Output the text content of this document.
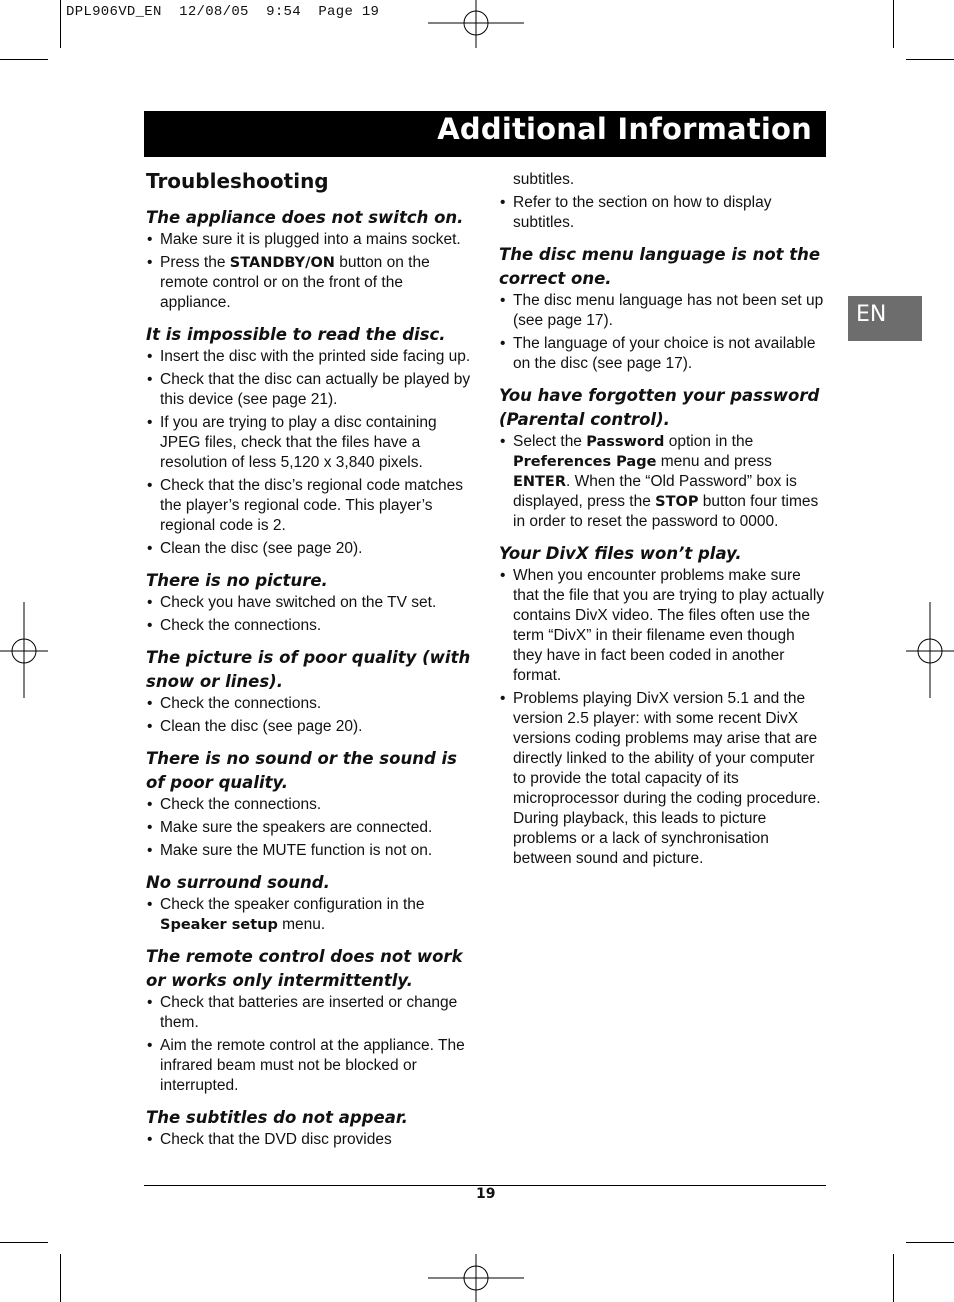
DPL906VD_EN  12/08/05  9:54  Page 19
Additional Information
EN
Troubleshooting
The appliance does not switch on.
• Make sure it is plugged into a mains socket.
• Press the STANDBY/ON button on the remote control or on the front of the appliance.
It is impossible to read the disc.
• Insert the disc with the printed side facing up.
• Check that the disc can actually be played by this device (see page 21).
• If you are trying to play a disc containing JPEG files, check that the files have a resolution of less 5,120 x 3,840 pixels.
• Check that the disc’s regional code matches the player’s regional code. This player’s regional code is 2.
• Clean the disc (see page 20).
There is no picture.
• Check you have switched on the TV set.
• Check the connections.
The picture is of poor quality (with snow or lines).
• Check the connections.
• Clean the disc (see page 20).
There is no sound or the sound is of poor quality.
• Check the connections.
• Make sure the speakers are connected.
• Make sure the MUTE function is not on.
No surround sound.
• Check the speaker configuration in the Speaker setup menu.
The remote control does not work or works only intermittently.
• Check that batteries are inserted or change them.
• Aim the remote control at the appliance. The infrared beam must not be blocked or interrupted.
The subtitles do not appear.
• Check that the DVD disc provides
subtitles.
• Refer to the section on how to display subtitles.
The disc menu language is not the correct one.
• The disc menu language has not been set up (see page 17).
• The language of your choice is not available on the disc (see page 17).
You have forgotten your password (Parental control).
• Select the Password option in the Preferences Page menu and press ENTER. When the “Old Password” box is displayed, press the STOP button four times in order to reset the password to 0000.
Your DivX files won’t play.
• When you encounter problems make sure that the file that you are trying to play actually contains DivX video. The files often use the term “DivX” in their filename even though they have in fact been coded in another format.
• Problems playing DivX version 5.1 and the version 2.5 player: with some recent DivX versions coding problems may arise that are directly linked to the ability of your computer to provide the total capacity of its microprocessor during the coding procedure. During playback, this leads to picture problems or a lack of synchronisation between sound and picture.
19
